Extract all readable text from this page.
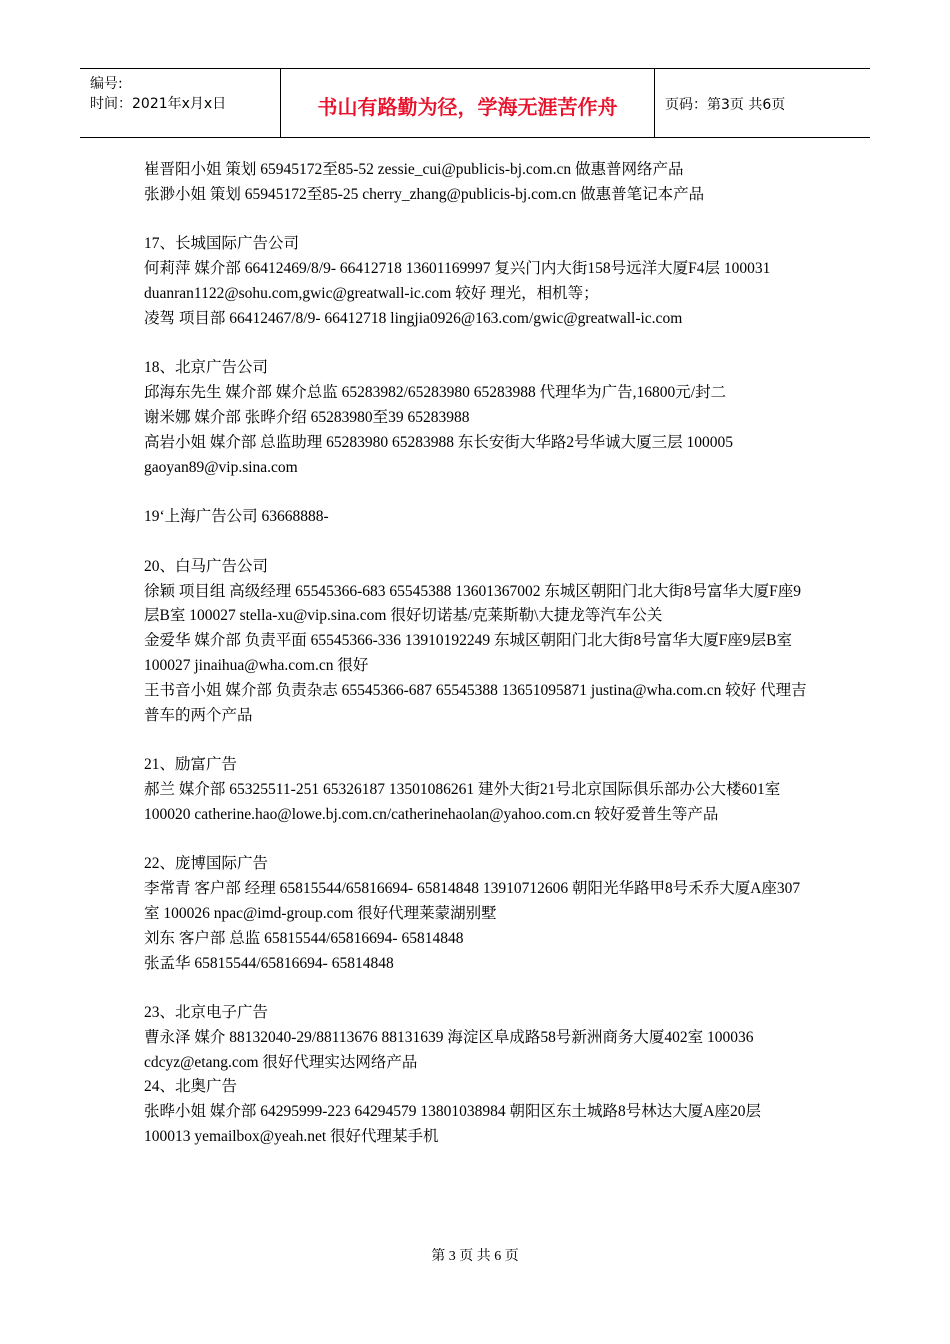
编号:
时间：2021年x月x日	书山有路勤为径，学海无涯苦作舟	页码：第3页 共6页

崔晋阳小姐 策划 65945172至85-52 zessie_cui@publicis-bj.com.cn 做惠普网络产品

张渺小姐 策划 65945172至85-25 cherry_zhang@publicis-bj.com.cn 做惠普笔记本产品

17、长城国际广告公司

何莉萍 媒介部 66412469/8/9- 66412718 13601169997 复兴门内大街158号远洋大厦F4层 100031 duanran1122@sohu.com,gwic@greatwall-ic.com 较好 理光，相机等；

凌驾 项目部 66412467/8/9- 66412718 lingjia0926@163.com/gwic@greatwall-ic.com

18、北京广告公司

邱海东先生 媒介部 媒介总监 65283982/65283980 65283988 代理华为广告,16800元/封二

谢米娜 媒介部 张晔介绍 65283980至39 65283988

高岩小姐 媒介部 总监助理 65283980 65283988 东长安街大华路2号华诚大厦三层 100005 gaoyan89@vip.sina.com

19‘上海广告公司 63668888-

20、白马广告公司

徐颖 项目组 高级经理 65545366-683 65545388 13601367002 东城区朝阳门北大街8号富华大厦F座9层B室 100027 stella-xu@vip.sina.com 很好切诺基/克莱斯勒\大捷龙等汽车公关

金爱华 媒介部 负责平面 65545366-336 13910192249 东城区朝阳门北大街8号富华大厦F座9层B室 100027 jinaihua@wha.com.cn 很好

王书音小姐 媒介部 负责杂志 65545366-687 65545388 13651095871 justina@wha.com.cn 较好 代理吉普车的两个产品

21、励富广告

郝兰 媒介部 65325511-251 65326187 13501086261 建外大街21号北京国际俱乐部办公大楼601室 100020 catherine.hao@lowe.bj.com.cn/catherinehaolan@yahoo.com.cn 较好爱普生等产品

22、庞博国际广告

李常青 客户部 经理 65815544/65816694- 65814848 13910712606 朝阳光华路甲8号禾乔大厦A座307室 100026 npac@imd-group.com 很好代理莱蒙湖别墅

刘东 客户部 总监 65815544/65816694- 65814848

张孟华 65815544/65816694- 65814848

23、北京电子广告

曹永泽 媒介 88132040-29/88113676 88131639 海淀区阜成路58号新洲商务大厦402室 100036 cdcyz@etang.com 很好代理实达网络产品

24、北奥广告

张晔小姐 媒介部 64295999-223 64294579 13801038984 朝阳区东土城路8号林达大厦A座20层 100013 yemailbox@yeah.net 很好代理某手机

第 3 页 共 6 页
